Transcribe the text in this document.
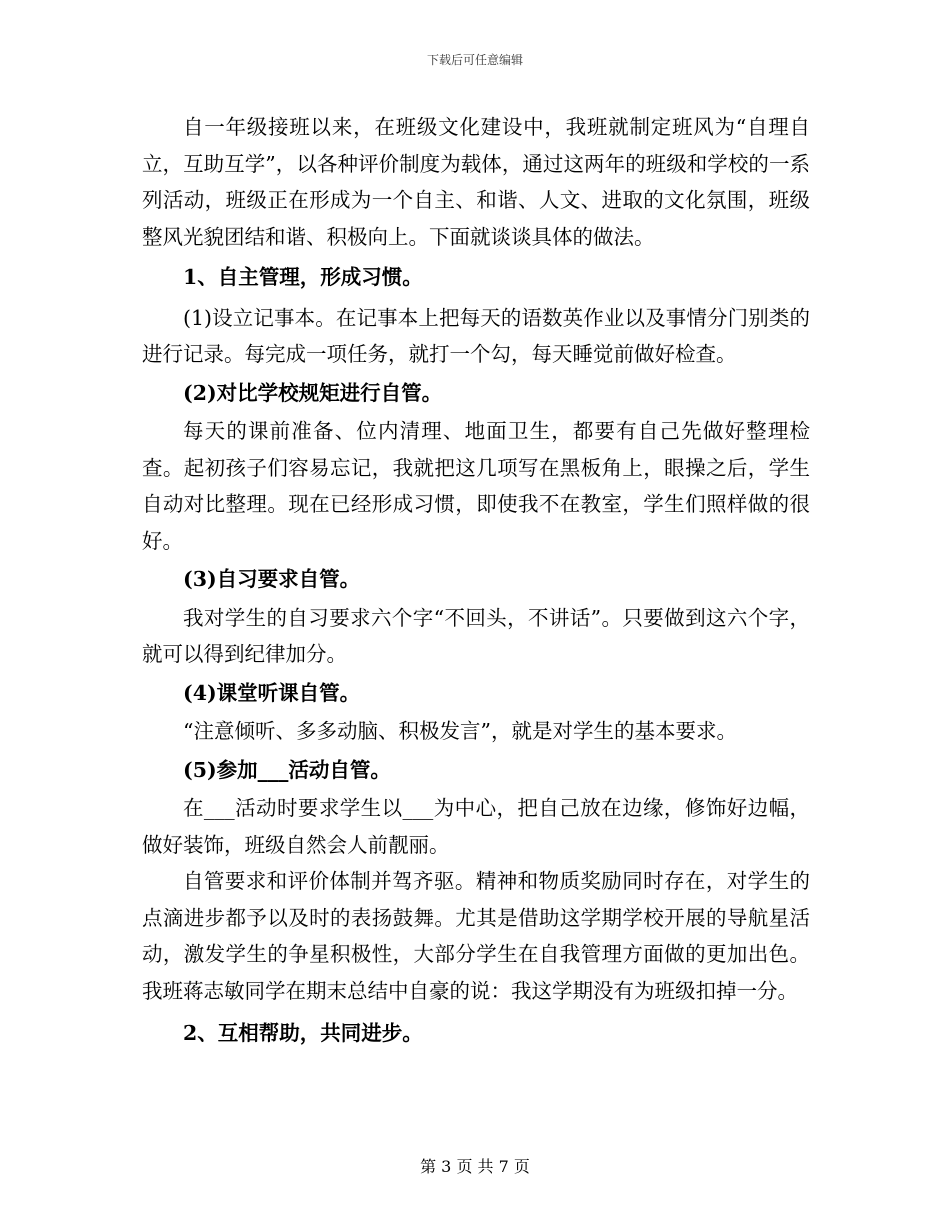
下载后可任意编辑

自一年级接班以来，在班级文化建设中，我班就制定班风为“自理自立，互助互学”，以各种评价制度为载体，通过这两年的班级和学校的一系列活动，班级正在形成为一个自主、和谐、人文、进取的文化氛围，班级整风光貌团结和谐、积极向上。下面就谈谈具体的做法。

1、自主管理，形成习惯。

(1)设立记事本。在记事本上把每天的语数英作业以及事情分门别类的进行记录。每完成一项任务，就打一个勾，每天睡觉前做好检查。

(2)对比学校规矩进行自管。

每天的课前准备、位内清理、地面卫生，都要有自己先做好整理检查。起初孩子们容易忘记，我就把这几项写在黑板角上，眼操之后，学生自动对比整理。现在已经形成习惯，即使我不在教室，学生们照样做的很好。

(3)自习要求自管。

我对学生的自习要求六个字“不回头，不讲话”。只要做到这六个字，就可以得到纪律加分。

(4)课堂听课自管。

“注意倾听、多多动脑、积极发言”，就是对学生的基本要求。

(5)参加___活动自管。

在___活动时要求学生以___为中心，把自己放在边缘，修饰好边幅，做好装饰，班级自然会人前靓丽。

自管要求和评价体制并驾齐驱。精神和物质奖励同时存在，对学生的点滴进步都予以及时的表扬鼓舞。尤其是借助这学期学校开展的导航星活动，激发学生的争星积极性，大部分学生在自我管理方面做的更加出色。我班蒋志敏同学在期末总结中自豪的说：我这学期没有为班级扣掉一分。

2、互相帮助，共同进步。

第 3 页 共 7 页
